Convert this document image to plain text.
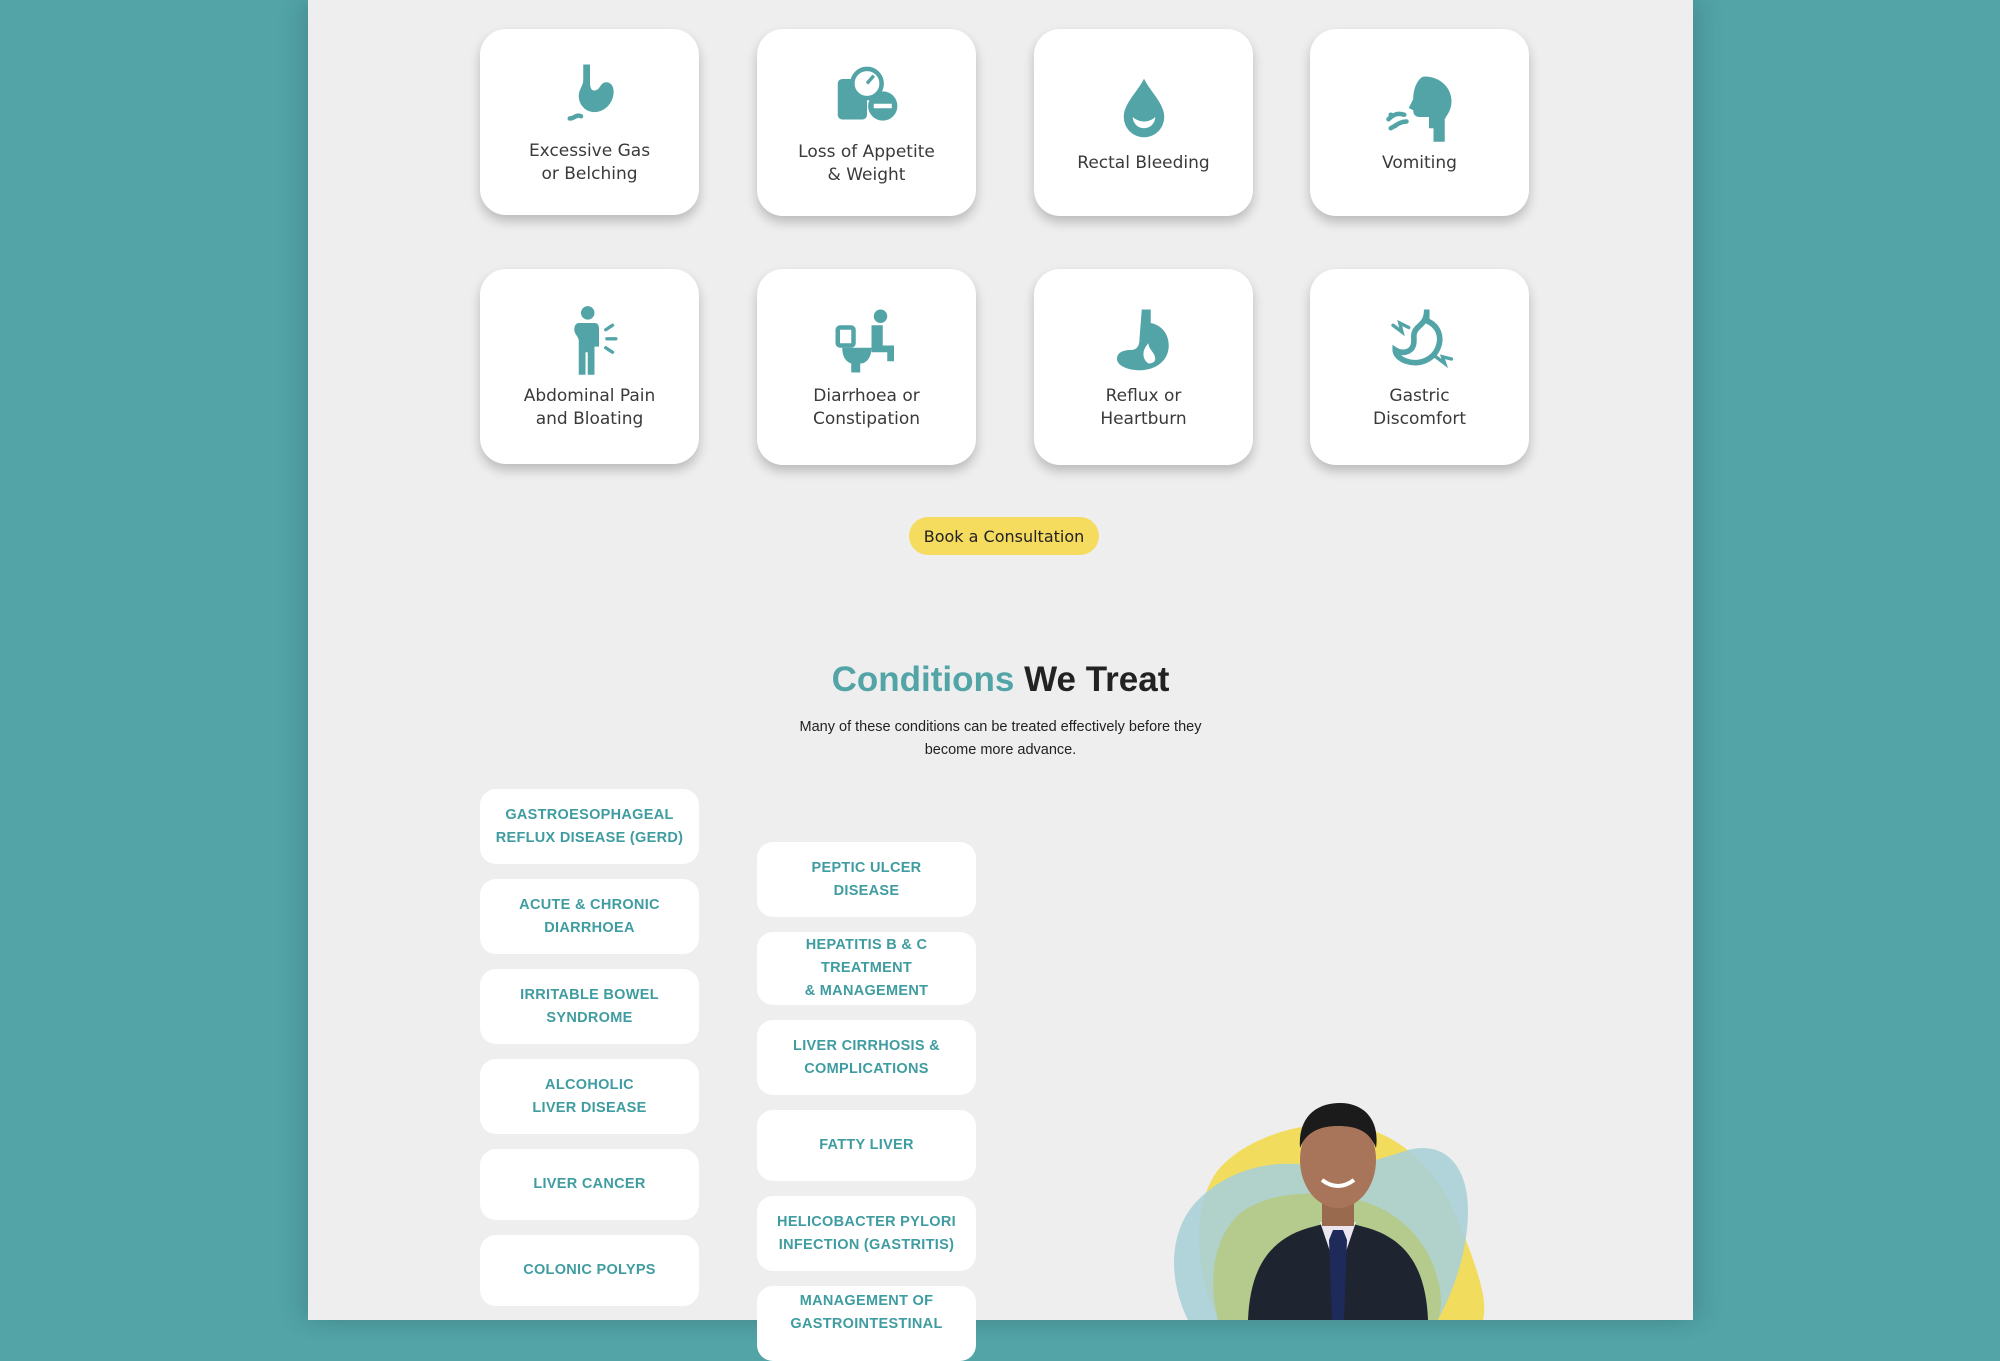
Excessive Gas
or Belching
Loss of Appetite
& Weight
Rectal Bleeding	Vomiting
Abdominal Pain
and Bloating
Diarrhoea or
Constipation
Reflux or
Heartburn
Gastric
Discomfort
Book a Consultation
Conditions We Treat
Many of these conditions can be treated effectively before they
become more advance.
GASTROESOPHAGEAL
REFLUX DISEASE (GERD)
ACUTE & CHRONIC
DIARRHOEA
IRRITABLE BOWEL
SYNDROME
ALCOHOLIC
LIVER DISEASE
LIVER CANCER
COLONIC POLYPS
PEPTIC ULCER
DISEASE
HEPATITIS B & C
TREATMENT
& MANAGEMENT
LIVER CIRRHOSIS &
COMPLICATIONS
FATTY LIVER
HELICOBACTER PYLORI
INFECTION (GASTRITIS)
MANAGEMENT OF
GASTROINTESTINAL
